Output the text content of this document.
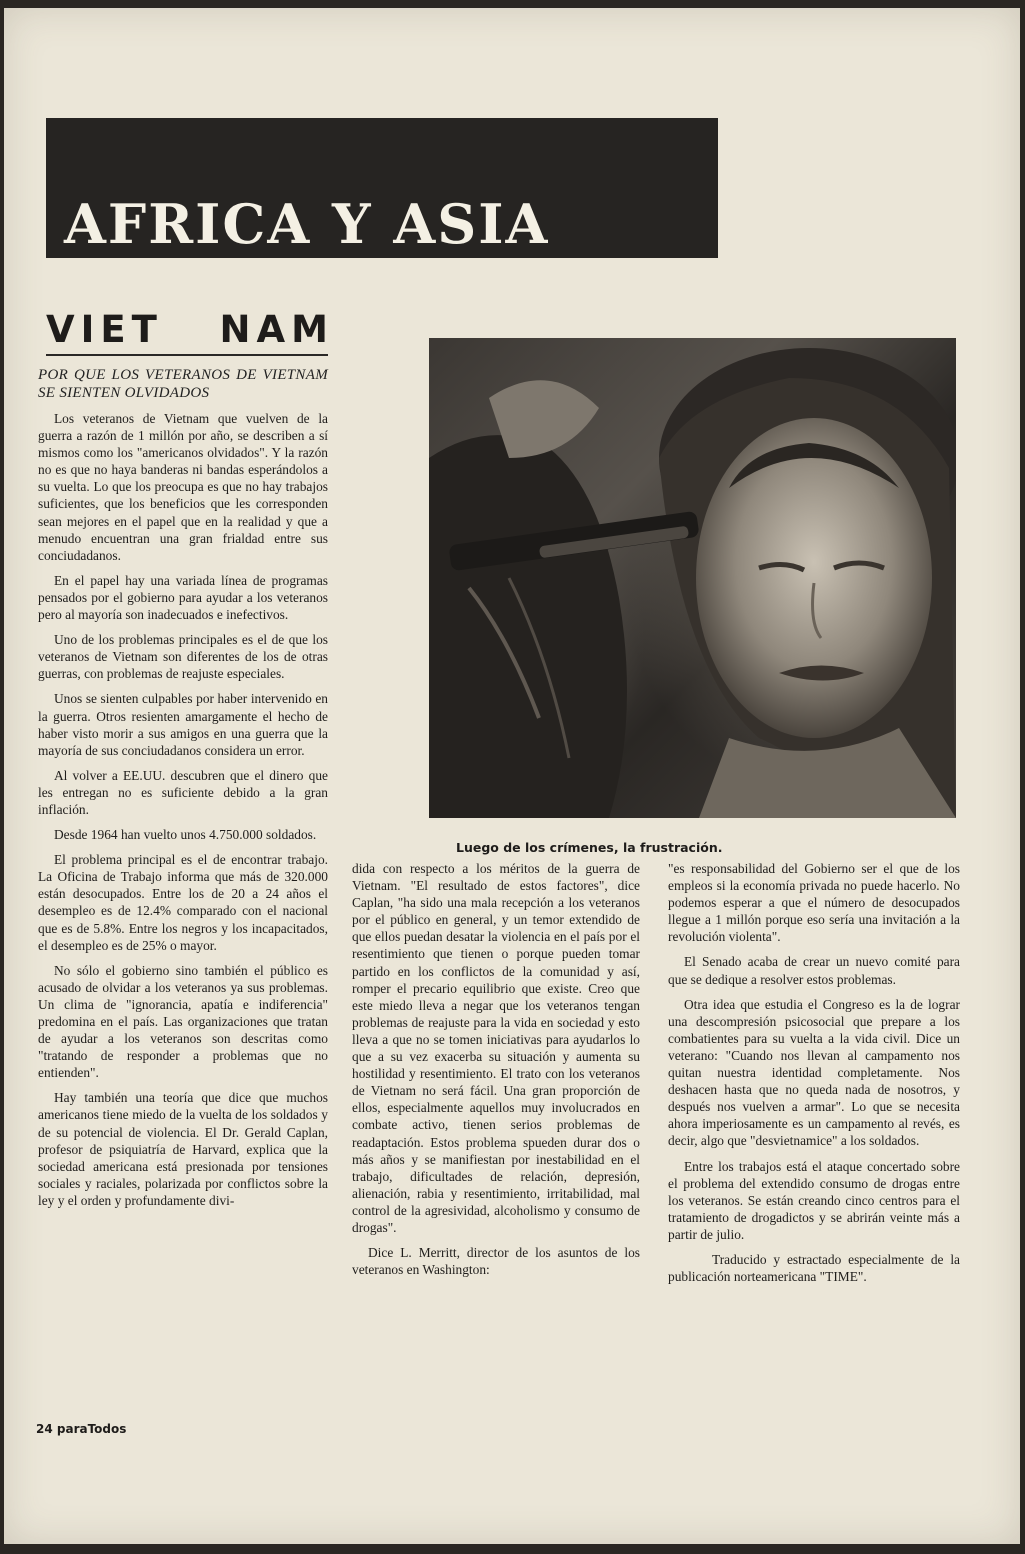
AFRICA Y ASIA
VIET   NAM

POR QUE LOS VETERANOS DE VIETNAM SE SIENTEN OLVIDADOS

Los veteranos de Vietnam que vuelven de la guerra a razón de 1 millón por año, se describen a sí mismos como los "americanos olvidados". Y la razón no es que no haya banderas ni bandas esperándolos a su vuelta. Lo que los preocupa es que no hay trabajos suficientes, que los beneficios que les corresponden sean mejores en el papel que en la realidad y que a menudo encuentran una gran frialdad entre sus conciudadanos.

En el papel hay una variada línea de programas pensados por el gobierno para ayudar a los veteranos pero al mayoría son inadecuados e inefectivos.

Uno de los problemas principales es el de que los veteranos de Vietnam son diferentes de los de otras guerras, con problemas de reajuste especiales.

Unos se sienten culpables por haber intervenido en la guerra. Otros resienten amargamente el hecho de haber visto morir a sus amigos en una guerra que la mayoría de sus conciudadanos considera un error.

Al volver a EE.UU. descubren que el dinero que les entregan no es suficiente debido a la gran inflación.

Desde 1964 han vuelto unos 4.750.000 soldados.

El problema principal es el de encontrar trabajo. La Oficina de Trabajo informa que más de 320.000 están desocupados. Entre los de 20 a 24 años el desempleo es de 12.4% comparado con el nacional que es de 5.8%. Entre los negros y los incapacitados, el desempleo es de 25% o mayor.

No sólo el gobierno sino también el público es acusado de olvidar a los veteranos ya sus problemas. Un clima de "ignorancia, apatía e indiferencia" predomina en el país. Las organizaciones que tratan de ayudar a los veteranos son descritas como "tratando de responder a problemas que no entienden".

Hay también una teoría que dice que muchos americanos tiene miedo de la vuelta de los soldados y de su potencial de violencia. El Dr. Gerald Caplan, profesor de psiquiatría de Harvard, explica que la sociedad americana está presionada por tensiones sociales y raciales, polarizada por conflictos sobre la ley y el orden y profundamente divi-

Luego de los crímenes, la frustración.

dida con respecto a los méritos de la guerra de Vietnam. "El resultado de estos factores", dice Caplan, "ha sido una mala recepción a los veteranos por el público en general, y un temor extendido de que ellos puedan desatar la violencia en el país por el resentimiento que tienen o porque pueden tomar partido en los conflictos de la comunidad y así, romper el precario equilibrio que existe. Creo que este miedo lleva a negar que los veteranos tengan problemas de reajuste para la vida en sociedad y esto lleva a que no se tomen iniciativas para ayudarlos lo que a su vez exacerba su situación y aumenta su hostilidad y resentimiento. El trato con los veteranos de Vietnam no será fácil. Una gran proporción de ellos, especialmente aquellos muy involucrados en combate activo, tienen serios problemas de readaptación. Estos problema spueden durar dos o más años y se manifiestan por inestabilidad en el trabajo, dificultades de relación, depresión, alienación, rabia y resentimiento, irritabilidad, mal control de la agresividad, alcoholismo y consumo de drogas".

Dice L. Merritt, director de los asuntos de los veteranos en Washington:

"es responsabilidad del Gobierno ser el que de los empleos si la economía privada no puede hacerlo. No podemos esperar a que el número de desocupados llegue a 1 millón porque eso sería una invitación a la revolución violenta".

El Senado acaba de crear un nuevo comité para que se dedique a resolver estos problemas.

Otra idea que estudia el Congreso es la de lograr una descompresión psicosocial que prepare a los combatientes para su vuelta a la vida civil. Dice un veterano: "Cuando nos llevan al campamento nos quitan nuestra identidad completamente. Nos deshacen hasta que no queda nada de nosotros, y después nos vuelven a armar". Lo que se necesita ahora imperiosamente es un campamento al revés, es decir, algo que "desvietnamice" a los soldados.

Entre los trabajos está el ataque concertado sobre el problema del extendido consumo de drogas entre los veteranos. Se están creando cinco centros para el tratamiento de drogadictos y se abrirán veinte más a partir de julio.

Traducido y estractado especialmente de la publicación norteamericana "TIME".

24 paraTodos
